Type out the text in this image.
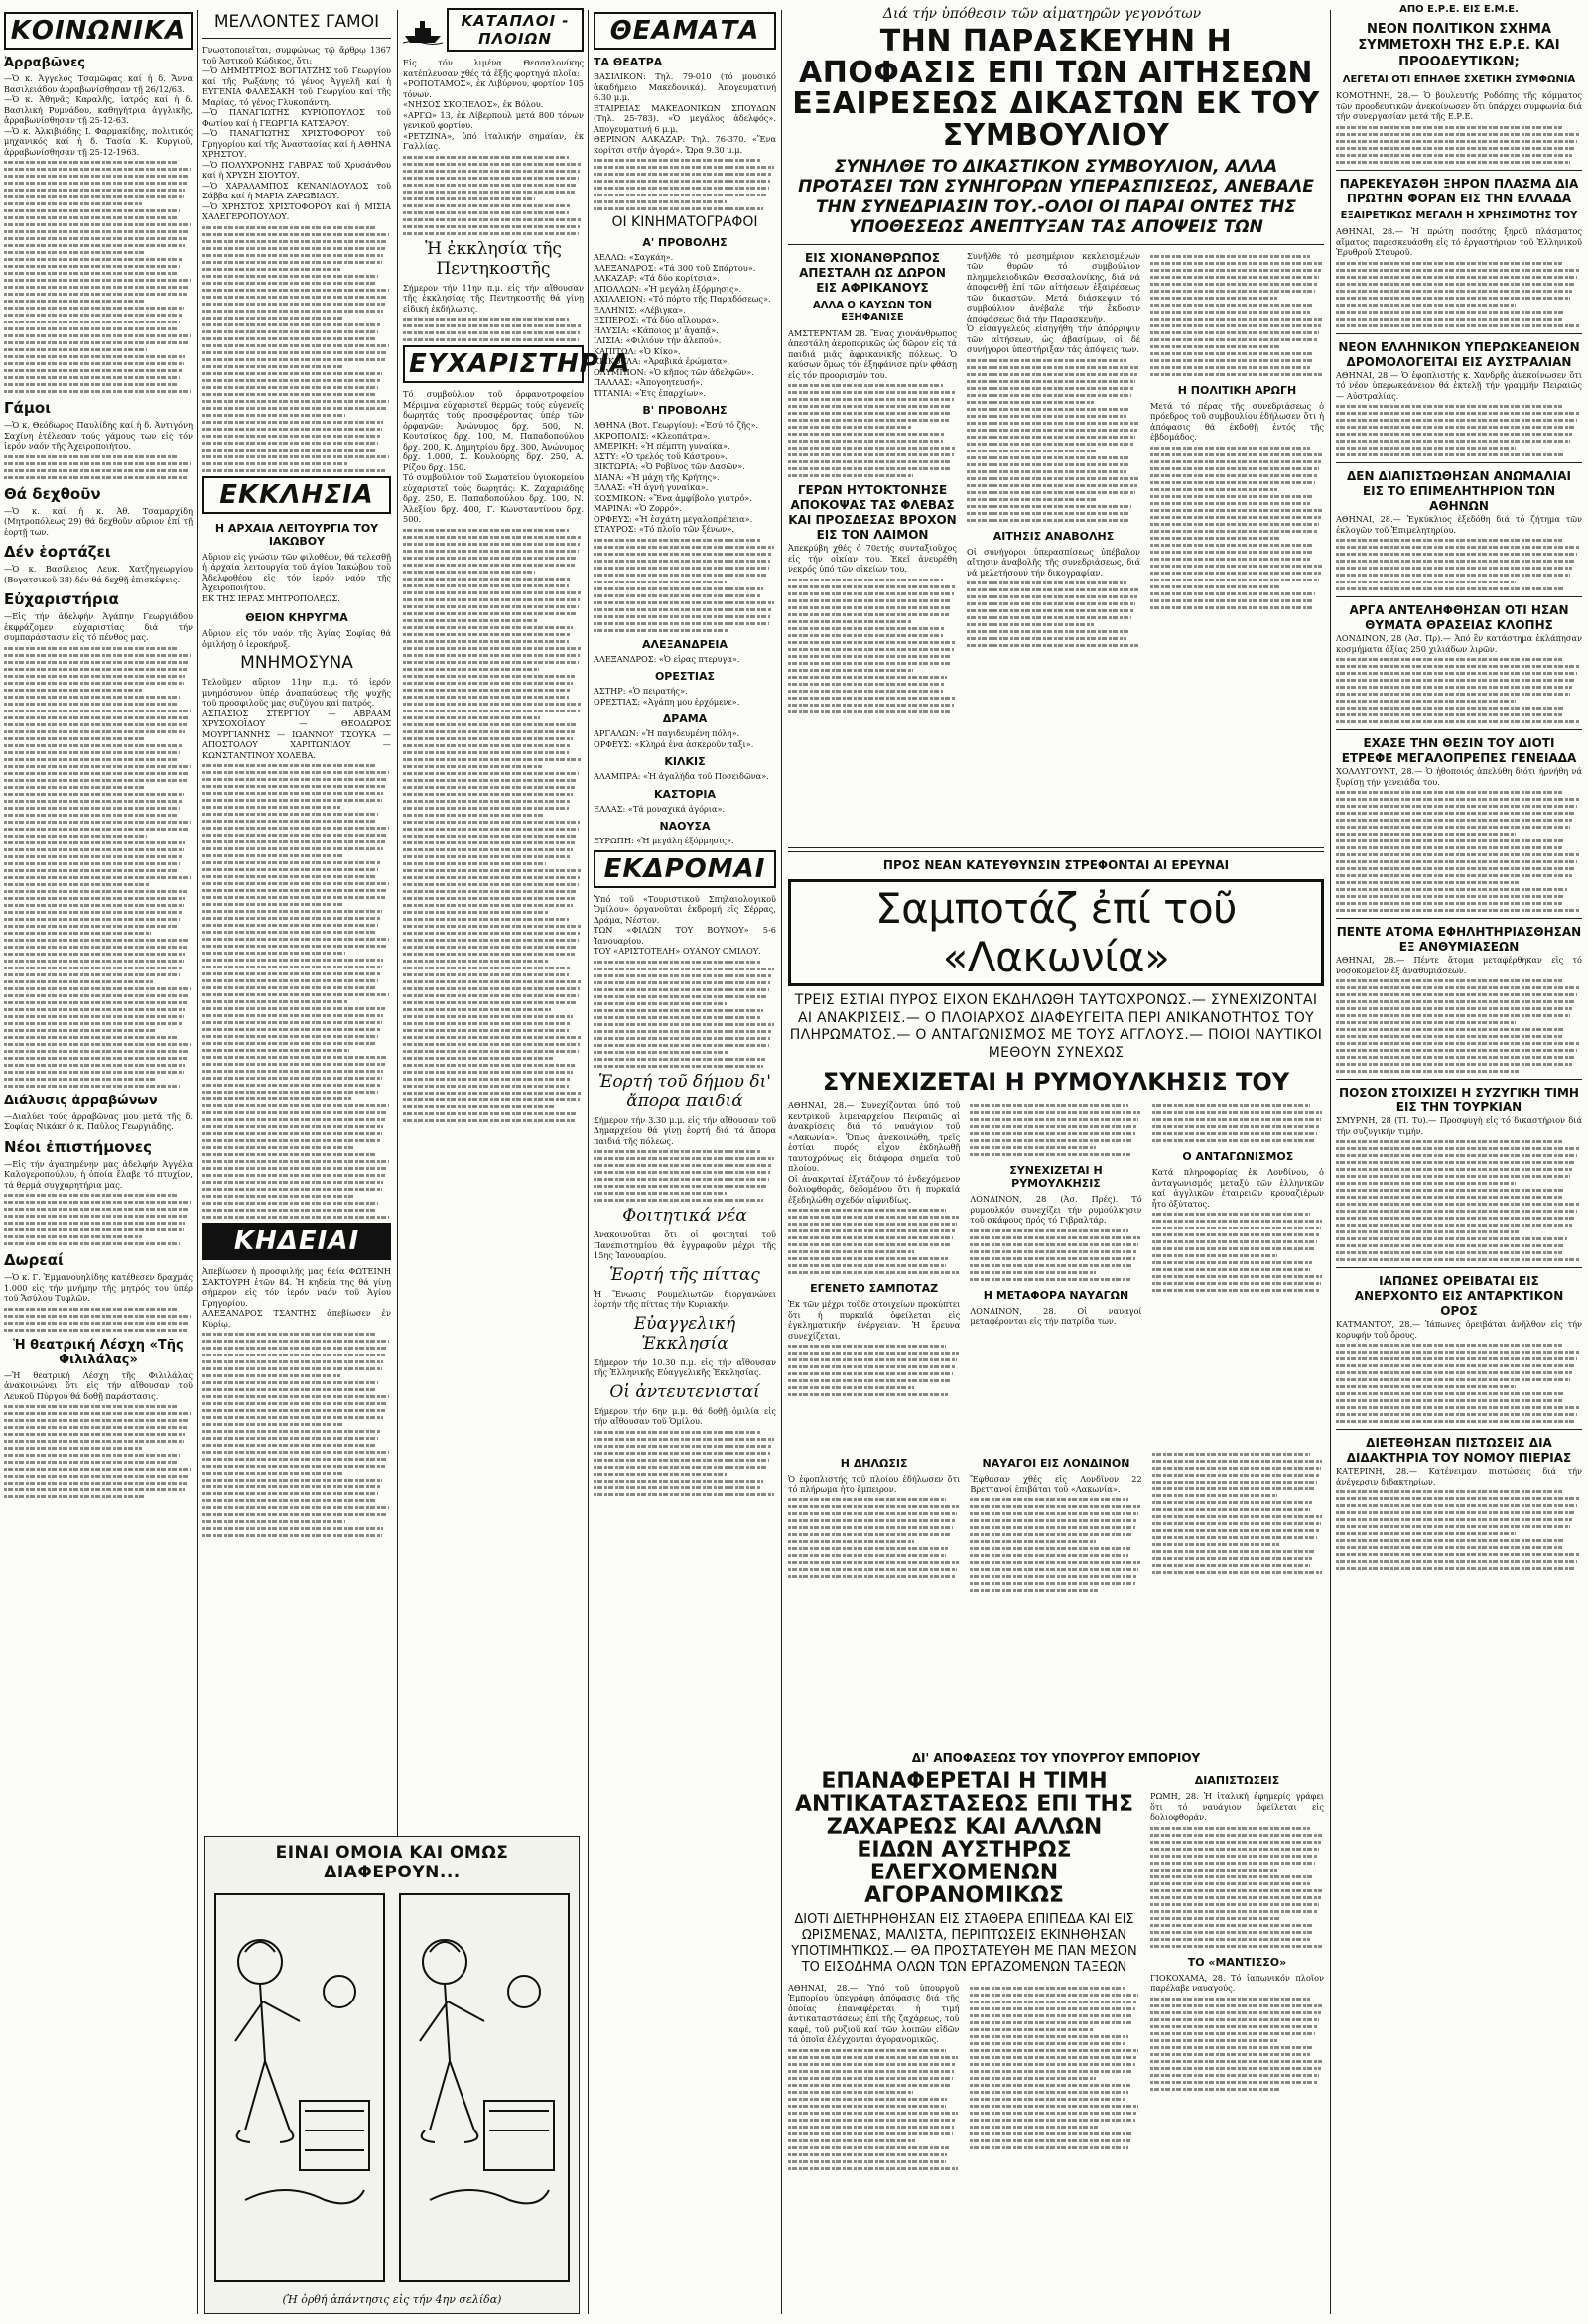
Διά τήν ὑπόθεσιν τῶν αἱματηρῶν γεγονότων	ΑΠΟ Ε.Ρ.Ε. ΕΙΣ Ε.Μ.Ε.
ΚΟΙΝΩΝΙΚΑ
Ἀρραβῶνες

—Ὁ κ. Ἀγγελος Τσαμῶφας καί ἡ δ. Ἄννα Βασιλειάδου ἀρραβωνίσθησαν τῇ 26/12/63.
—Ὁ κ. Ἀθηνᾶς Καραλῆς, ἰατρός καί ἡ δ. Βασιλική Ρυμνάδου, καθηγήτρια ἀγγλικῆς, ἀρραβωνίσθησαν τῇ 25-12-63.
—Ὁ κ. Ἀλκιβιάδης Ι. Φαρμακίδης, πολιτικός μηχανικός καί ἡ δ. Τασία Κ. Κυργιοῦ, ἀρραβωνίσθησαν τῇ 25-12-1963.

Γάμοι

—Ὁ κ. Θεόδωρος Παυλίδης καί ἡ δ. Ἀντιγόνη Σαχίνη ἐτέλεσαν τούς γάμους των εἰς τόν ἱερόν ναόν τῆς Ἀχειροποιήτου.

Θά δεχθοῦν

—Ὁ κ. καί ἡ κ. Ἀθ. Τσαμαρχίδη (Μητροπόλεως 29) θά δεχθοῦν αὔριον ἐπί τῇ ἑορτῇ των.

Δέν ἑορτάζει

—Ὁ κ. Βασίλειος Λευκ. Χατζηγεωργίου (Βογατσικοῦ 38) δέν θά δεχθῇ ἑπισκέψεις.

Εὐχαριστήρια

—Εἰς τήν ἀδελφήν Ἀγάπην Γεωργιάδου ἐκφράζομεν εὐχαριστίας διά τήν συμπαράστασιν εἰς τό πένθος μας.

Διάλυσις ἀρραβώνων

—Διαλύει τούς ἀρραβῶνας μου μετά τῆς δ. Σοφίας Νικάκη ὁ κ. Παῦλος Γεωργιάδης.

Νέοι ἐπιστήμονες

—Εἰς τήν ἀγαπημένην μας ἀδελφήν Ἀγγέλα Καλογεροπούλου, ἡ ὁποία ἔλαβε τό πτυχίον, τά θερμά συγχαρητήρια μας.

Δωρεαί

—Ὁ κ. Γ. Ἐμμανουηλίδης κατέθεσεν δραχμάς 1.000 εἰς τήν μνήμην τῆς μητρός του ὑπέρ τοῦ Ἄσύλου Τυφλῶν.

Ἡ θεατρική Λέσχη «Τῆς Φιλιλάλας»

—Ἡ θεατρική Λέσχη τῆς Φιλιλάλας ἀνακοινώνει ὅτι εἰς τήν αἴθουσαν τοῦ Λευκοῦ Πύργου θά δοθῇ παράστασις.

ΜΕΛΛΟΝΤΕΣ ΓΑΜΟΙ

Γνωστοποιεῖται, συμφώνως τῷ ἄρθρῳ 1367 τοῦ Ἀστικοῦ Κώδικος, ὅτι:
—Ὁ ΔΗΜΗΤΡΙΟΣ ΒΟΓΙΑΤΖΗΣ τοῦ Γεωργίου καί τῆς Ρωξάνης τό γένος Ἀγγελῆ καί ἡ ΕΥΓΕΝΙΑ ΦΑΛΕΣΑΚΗ τοῦ Γεωργίου καί τῆς Μαρίας, τό γένος Γλυκοπάντη.
—Ὁ ΠΑΝΑΓΙΩΤΗΣ ΚΥΡΙΟΠΟΥΛΟΣ τοῦ Φωτίου καί ἡ ΓΕΩΡΓΙΑ ΚΑΤΣΑΡΟΥ.
—Ὁ ΠΑΝΑΓΙΩΤΗΣ ΧΡΙΣΤΟΦΟΡΟΥ τοῦ Γρηγορίου καί τῆς Ἀναστασίας καί ἡ ΑΘΗΝΑ ΧΡΗΣΤΟΥ.
—Ὁ ΠΟΛΥΧΡΟΝΗΣ ΓΑΒΡΑΣ τοῦ Χρυσάνθου καί ἡ ΧΡΥΣΗ ΣΙΟΥΤΟΥ.
—Ὁ ΧΑΡΑΛΑΜΠΟΣ ΚΕΝΑΝΙΔΟΥΛΟΣ τοῦ Σάββα καί ἡ ΜΑΡΙΑ ΖΑΡΩΒΙΔΟΥ.
—Ὁ ΧΡΗΣΤΟΣ ΧΡΙΣΤΟΦΟΡΟΥ καί ἡ ΜΙΣΙΑ ΧΑΛΕΓΕΡΟΠΟΥΛΟΥ.

ΕΚΚΛΗΣΙΑ
Η ΑΡΧΑΙΑ ΛΕΙΤΟΥΡΓΙΑ ΤΟΥ ΙΑΚΩΒΟΥ

Αὔριον εἰς γνώσιν τῶν φιλοθέων, θά τελεσθῇ ἡ ἀρχαία λειτουργία τοῦ ἁγίου Ἰακώβου τοῦ Ἀδελφοθέου εἰς τόν ἱερόν ναόν τῆς Ἀχειροποιήτου.
ΕΚ ΤΗΣ ΙΕΡΑΣ ΜΗΤΡΟΠΟΛΕΩΣ.

ΘΕΙΟΝ ΚΗΡΥΓΜΑ

Αὔριον εἰς τόν ναόν τῆς Ἁγίας Σοφίας θά ὁμιλήσῃ ὁ ἱεροκήρυξ.

ΜΝΗΜΟΣΥΝΑ

Τελοῦμεν αὔριον 11ην π.μ. τό ἰερόν μνημόσυνον ὑπέρ ἀναπαύσεως τῆς ψυχῆς τοῦ προσφιλοῦς μας συζύγου καί πατρός.
ΑΣΠΑΣΙΟΣ ΣΤΕΡΓΙΟΥ — ΑΒΡΑΑΜ ΧΡΥΣΟΧΟΪΔΟΥ — ΘΕΟΔΩΡΟΣ ΜΟΥΡΓΙΑΝΝΗΣ — ΙΩΑΝΝΟΥ ΤΣΟΥΚΑ — ΑΠΟΣΤΟΛΟΥ ΧΑΡΙΤΩΝΙΔΟΥ — ΚΩΝΣΤΑΝΤΙΝΟΥ ΧΟΛΕΒΑ.

ΚΗΔΕΙΑΙ

Ἀπεβίωσεν ἡ προσφιλής μας θεία ΦΩΤΕΙΝΗ ΣΑΚΤΟΥΡΗ ἐτῶν 84. Ἡ κηδεία της θά γίνῃ σήμερον εἰς τόν ἱερόν ναόν τοῦ Ἁγίου Γρηγορίου.
ΑΛΕΞΑΝΔΡΟΣ ΤΣΑΝΤΗΣ ἀπεβίωσεν ἐν Κυρίῳ.

ΚΑΤΑΠΛΟΙ - ΠΛΟΙΩΝ

Εἰς τόν λιμένα Θεσσαλονίκης κατέπλευσαν χθές τά ἑξῆς φορτηγά πλοῖα:
«ΡΟΠΟΤΑΜΟΣ», ἐκ Λιβύρνου, φορτίον 105 τόνων.
«ΝΗΣΟΣ ΣΚΟΠΕΛΟΣ», ἐκ Βόλου.
«ΑΡΓΩ» 13, ἐκ Λίβερπουλ μετά 800 τόνων γενικοῦ φορτίου.
«ΡΕΤΖΙΝΑ», ὑπό ἰταλικήν σημαίαν, ἐκ Γαλλίας.

Ἡ ἐκκλησία τῆς Πεντηκοστῆς

Σήμερον τήν 11ην π.μ. εἰς τήν αἴθουσαν τῆς ἐκκλησίας τῆς Πεντηκοστῆς θά γίνῃ εἰδική ἐκδήλωσις.

ΕΥΧΑΡΙΣΤΗΡΙΑ

Τό συμβούλιον τοῦ ὀρφανοτροφείου Μέριμνα εὐχαριστεῖ θερμῶς τούς εὐγενεῖς δωρητάς τούς προσφέροντας ὑπέρ τῶν ὀρφανῶν: Ἀνώνυμος δρχ. 500, Ν. Κουτσίκος δρχ. 100, Μ. Παπαδοπούλου δρχ. 200, Κ. Δημητρίου δρχ. 300, Ἀνώνυμος δρχ. 1.000, Σ. Κουλούρης δρχ. 250, Α. Ρίζου δρχ. 150.
Τό συμβούλιον τοῦ Σωματείου ὑγιοκομείου εὐχαριστεῖ τούς δωρητάς: Κ. Ζαχαριάδης δρχ. 250, Ε. Παπαδοπούλου δρχ. 100, Ν. Ἀλεξίου δρχ. 400, Γ. Κωνσταντίνου δρχ. 500.

ΘΕΑΜΑΤΑ
ΤΑ ΘΕΑΤΡΑ

ΒΑΣΙΛΙΚΟΝ: Τηλ. 79-010 (τό μουσικό ἀκαδήμειο Μακεδονικά). Ἀπογευματινή 6.30 μ.μ.
ΕΤΑΙΡΕΙΑΣ ΜΑΚΕΔΟΝΙΚΩΝ ΣΠΟΥΔΩΝ (Τηλ. 25-783). «Ὁ μεγάλος ἀδελφός». Ἀπογευματινή 6 μ.μ.
ΘΕΡΙΝΟΝ ΑΛΚΑΖΑΡ: Τηλ. 76-370. «Ἕνα κορίτσι στήν ἀγορά». Ὥρα 9.30 μ.μ.

ΟΙ ΚΙΝΗΜΑΤΟΓΡΑΦΟΙ
Α' ΠΡΟΒΟΛΗΣ

ΑΕΛΛΩ: «Σαγκάη».
ΑΛΕΞΑΝΔΡΟΣ: «Τά 300 τοῦ Σπάρτου».
ΑΛΚΑΖΑΡ: «Τά δύο κορίτσια».
ΑΠΟΛΛΩΝ: «Ἡ μεγάλη ἐξόρμησις».
ΑΧΙΛΛΕΙΟΝ: «Τό πόρτο τῆς Παραδόσεως».
ΕΛΛΗΝΙΣ: «Λέβιγκα».
ΕΣΠΕΡΟΣ: «Τά δύο αἴλουρα».
ΗΛΥΣΙΑ: «Κάποιος μ' ἀγαπᾷ».
ΙΛΙΣΙΑ: «Φιλιόυν τήν ἀλεπού».
ΚΑΠΙΤΩΛ: «Ὁ Κίκο».
ΚΡΙΚΟΥΛΑ: «Ἀραβικά ἐρώματα».
ΟΛΥΜΠΙΟΝ: «Ὁ κῆπος τῶν ἀδελφῶν».
ΠΑΛΛΑΣ: «Ἀπογοητευσή».
ΤΙΤΑΝΙΑ: «Ἐτς ἐπαρχίων».

Β' ΠΡΟΒΟΛΗΣ

ΑΘΗΝΑ (Βοτ. Γεωργίου): «Ἐσύ τό ζῆς».
ΑΚΡΟΠΟΛΙΣ: «Κλεοπάτρα».
ΑΜΕΡΙΚΗ: «Ἡ πέμπτη γυναίκα».
ΑΣΤΥ: «Ὁ τρελός τοῦ Κάστρου».
ΒΙΚΤΩΡΙΑ: «Ὁ Ροβῖνος τῶν Δασῶν».
ΔΙΑΝΑ: «Ἡ μάχη τῆς Κρήτης».
ΕΛΛΑΣ: «Ἡ ἀγνή γυναίκα».
ΚΟΣΜΙΚΟΝ: «Ἕνα ἀμφίβολο γιατρό».
ΜΑΡΙΝΑ: «Ὁ Ζορρό».
ΟΡΦΕΥΣ: «Ἡ ἐσχάτη μεγαλοπρέπεια».
ΣΤΑΥΡΟΣ: «Τό πλοῖο τῶν ξένων».

ΑΛΕΞΑΝΔΡΕΙΑ

ΑΛΕΞΑΝΔΡΟΣ: «Ὁ εἰρας πτερυγα».

ΟΡΕΣΤΙΑΣ

ΑΣΤΗΡ: «Ὁ πειρατής».
ΟΡΕΣΤΙΑΣ: «Ἀγάπη μου ἐρχόμενε».

ΔΡΑΜΑ

ΑΡΓΑΛΩΝ: «Ἡ παγιδευμένη πόλη».
ΟΡΦΕΥΣ: «Κληρά ἐνα ἀσκεροῦν ταξι».

ΚΙΛΚΙΣ

ΑΛΑΜΠΡΑ: «Ἡ ἀγαλήδα τοῦ Ποσειδῶνα».

ΚΑΣΤΟΡΙΑ

ΕΛΛΑΣ: «Τά μοναχικά ἀγόρια».

ΝΑΟΥΣΑ

ΕΥΡΩΠΗ: «Ἡ μεγάλη ἐξόρμησις».

ΕΚΔΡΟΜΑΙ

Ὑπό τοῦ «Τουριστικοῦ Σπηλαιολογικοῦ Ὁμίλου» ὀργανοῦται ἐκδρομή εἰς Σέρρας, Δράμα, Νέστον.
ΤΩΝ «ΦΙΛΩΝ ΤΟΥ ΒΟΥΝΟΥ» 5-6 Ἰανουαρίου.
ΤΟΥ «ΑΡΙΣΤΟΤΕΛΗ» ΟΥΑΝΟΥ ΟΜΙΛΟΥ.

Ἑορτή τοῦ δήμου δι' ἄπορα παιδιά

Σήμερον τήν 3.30 μ.μ. εἰς τήν αἴθουσαν τοῦ Δημαρχείου θά γίνῃ ἑορτή διά τά ἄπορα παιδιά τῆς πόλεως.

Φοιτητικά νέα

Ἀνακοινοῦται ὅτι οἱ φοιτηταί τοῦ Πανεπιστημίου θά ἐγγραφοῦν μέχρι τῆς 15ης Ἰανουαρίου.

Ἑορτή τῆς πίττας

Ἡ Ἕνωσις Ρουμελιωτῶν διοργανώνει ἑορτήν τῆς πίττας τήν Κυριακήν.

Εὐαγγελική Ἐκκλησία

Σήμερον τήν 10.30 π.μ. εἰς τήν αἴθουσαν τῆς Ἑλληνικῆς Εὐαγγελικῆς Ἐκκλησίας.

Οἱ ἀντευτενισταί

Σήμερον τήν 6ην μ.μ. θά δοθῇ ὁμιλία εἰς τήν αἴθουσαν τοῦ Ὁμίλου.

ΕΙΝΑΙ ΟΜΟΙΑ ΚΑΙ ΟΜΩΣ ΔΙΑΦΕΡΟΥΝ...
(Ἡ ὀρθή ἀπάντησις εἰς τήν 4ην σελίδα)
ΤΗΝ ΠΑΡΑΣΚΕΥΗΝ Η ΑΠΟΦΑΣΙΣ ΕΠΙ ΤΩΝ ΑΙΤΗΣΕΩΝ ΕΞΑΙΡΕΣΕΩΣ ΔΙΚΑΣΤΩΝ ΕΚ ΤΟΥ ΣΥΜΒΟΥΛΙΟΥ
ΣΥΝΗΛΘΕ ΤΟ ΔΙΚΑΣΤΙΚΟΝ ΣΥΜΒΟΥΛΙΟΝ, ΑΛΛΑ ΠΡΟΤΑΣΕΙ ΤΩΝ ΣΥΝΗΓΟΡΩΝ ΥΠΕΡΑΣΠΙΣΕΩΣ, ΑΝΕΒΑΛΕ ΤΗΝ ΣΥΝΕΔΡΙΑΣΙΝ ΤΟΥ.-ΟΛΟΙ ΟΙ ΠΑΡΑΙ ΟΝΤΕΣ ΤΗΣ ΥΠΟΘΕΣΕΩΣ ΑΝΕΠΤΥΞΑΝ ΤΑΣ ΑΠΟΨΕΙΣ ΤΩΝ
ΕΙΣ ΧΙΟΝΑΝΘΡΩΠΟΣ ΑΠΕΣΤΑΛΗ ΩΣ ΔΩΡΟΝ ΕΙΣ ΑΦΡΙΚΑΝΟΥΣ
ΑΛΛΑ Ο ΚΑΥΣΩΝ ΤΟΝ ΕΞΗΦΑΝΙΣΕ

ΑΜΣΤΕΡΝΤΑΜ 28. Ἕνας χιονάνθρωπος ἀπεστάλη ἀεροπορικῶς ὡς δῶρον εἰς τά παιδιά μιᾶς ἀφρικανικῆς πόλεως. Ὁ καύσων ὅμως τόν ἐξηφάνισε πρίν φθάσῃ εἰς τόν προορισμόν του.

ΓΕΡΩΝ ΗΥΤΟΚΤΟΝΗΣΕ ΑΠΟΚΟΨΑΣ ΤΑΣ ΦΛΕΒΑΣ ΚΑΙ ΠΡΟΣΔΕΣΑΣ ΒΡΟΧΟΝ ΕΙΣ ΤΟΝ ΛΑΙΜΟΝ

Ἀπεκρύβη χθές ὁ 70ετής συνταξιοῦχος εἰς τήν οἰκίαν του. Ἐκεῖ ἀνευρέθη νεκρός ὑπό τῶν οἰκείων του.

Συνῆλθε τό μεσημέριον κεκλεισμένων τῶν θυρῶν τό συμβούλιον πλημμελειοδικῶν Θεσσαλονίκης, διά νά ἀποφανθῇ ἐπί τῶν αἰτήσεων ἐξαιρέσεως τῶν δικαστῶν. Μετά διάσκεψιν τό συμβούλιον ἀνέβαλε τήν ἔκδοσιν ἀποφάσεως διά τήν Παρασκευήν.
Ὁ εἰσαγγελεύς εἰσηγήθη τήν ἀπόρριψιν τῶν αἰτήσεων, ὡς ἀβασίμων, οἱ δέ συνήγοροι ὑπεστήριξαν τάς ἀπόψεις των.

ΑΙΤΗΣΙΣ ΑΝΑΒΟΛΗΣ

Οἱ συνήγοροι ὑπερασπίσεως ὑπέβαλον αἴτησιν ἀναβολῆς τῆς συνεδριάσεως, διά νά μελετήσουν τήν δικογραφίαν.

Η ΠΟΛΙΤΙΚΗ ΑΡΩΓΗ

Μετά τό πέρας τῆς συνεδριάσεως ὁ πρόεδρος τοῦ συμβουλίου ἐδήλωσεν ὅτι ἡ ἀπόφασις θά ἐκδοθῇ ἐντός τῆς ἑβδομάδος.

ΠΡΟΣ ΝΕΑΝ ΚΑΤΕΥΘΥΝΣΙΝ ΣΤΡΕΦΟΝΤΑΙ ΑΙ ΕΡΕΥΝΑΙ
Σαμποτάζ ἐπί τοῦ «Λακωνία»
ΤΡΕΙΣ ΕΣΤΙΑΙ ΠΥΡΟΣ ΕΙΧΟΝ ΕΚΔΗΛΩΘΗ ΤΑΥΤΟΧΡΟΝΩΣ.— ΣΥΝΕΧΙΖΟΝΤΑΙ ΑΙ ΑΝΑΚΡΙΣΕΙΣ.— Ο ΠΛΟΙΑΡΧΟΣ ΔΙΑΦΕΥΓΕΙΤΑ ΠΕΡΙ ΑΝΙΚΑΝΟΤΗΤΟΣ ΤΟΥ ΠΛΗΡΩΜΑΤΟΣ.— Ο ΑΝΤΑΓΩΝΙΣΜΟΣ ΜΕ ΤΟΥΣ ΑΓΓΛΟΥΣ.— ΠΟΙΟΙ ΝΑΥΤΙΚΟΙ ΜΕΘΟΥΝ ΣΥΝΕΧΩΣ
ΣΥΝΕΧΙΖΕΤΑΙ Η ΡΥΜΟΥΛΚΗΣΙΣ ΤΟΥ

ΑΘΗΝΑΙ, 28.— Συνεχίζονται ὑπό τοῦ κεντρικοῦ λιμεναρχείου Πειραιῶς αἱ ἀνακρίσεις διά τό ναυάγιον τοῦ «Λακωνία». Ὅπως ἀνεκοινώθη, τρεῖς ἑστίαι πυρός εἶχον ἐκδηλωθῇ ταυτοχρόνως εἰς διάφορα σημεῖα τοῦ πλοίου.
Οἱ ἀνακριταί ἐξετάζουν τό ἐνδεχόμενον δολιοφθορᾶς, δεδομένου ὅτι ἡ πυρκαϊά ἐξεδηλώθη σχεδόν αἰφνιδίως.

ΕΓΕΝΕΤΟ ΣΑΜΠΟΤΑΖ

Ἐκ τῶν μέχρι τοῦδε στοιχείων προκύπτει ὅτι ἡ πυρκαϊά ὀφείλεται εἰς ἐγκληματικήν ἐνέργειαν. Ἡ ἔρευνα συνεχίζεται.

ΣΥΝΕΧΙΖΕΤΑΙ Η ΡΥΜΟΥΛΚΗΣΙΣ

ΛΟΝΔΙΝΟΝ, 28 (Ἀσ. Πρές). Τό ρυμουλκόν συνεχίζει τήν ρυμούλκησιν τοῦ σκάφους πρός τό Γιβραλτάρ.

Η ΜΕΤΑΦΟΡΑ ΝΑΥΑΓΩΝ

ΛΟΝΔΙΝΟΝ, 28. Οἱ ναυαγοί μεταφέρονται εἰς τήν πατρίδα των.

Ο ΑΝΤΑΓΩΝΙΣΜΟΣ

Κατά πληροφορίας ἐκ Λονδίνου, ὁ ἀνταγωνισμός μεταξύ τῶν ἑλληνικῶν καί ἀγγλικῶν ἐταιρειῶν κρουαζιέρων ἦτο ὀξύτατος.

Η ΔΗΛΩΣΙΣ

Ὁ ἐφοπλιστής τοῦ πλοίου ἐδήλωσεν ὅτι τό πλήρωμα ἦτο ἔμπειρον.

ΝΑΥΑΓΟΙ ΕΙΣ ΛΟΝΔΙΝΟΝ

Ἔφθασαν χθές εἰς Λονδῖνον 22 Βρεττανοί ἐπιβάται τοῦ «Λακωνία».

ΔΙ' ΑΠΟΦΑΣΕΩΣ ΤΟΥ ΥΠΟΥΡΓΟΥ ΕΜΠΟΡΙΟΥ
ΕΠΑΝΑΦΕΡΕΤΑΙ Η ΤΙΜΗ ΑΝΤΙΚΑΤΑΣΤΑΣΕΩΣ ΕΠΙ ΤΗΣ ΖΑΧΑΡΕΩΣ ΚΑΙ ΑΛΛΩΝ ΕΙΔΩΝ ΑΥΣΤΗΡΩΣ ΕΛΕΓΧΟΜΕΝΩΝ ΑΓΟΡΑΝΟΜΙΚΩΣ
ΔΙΟΤΙ ΔΙΕΤΗΡΗΘΗΣΑΝ ΕΙΣ ΣΤΑΘΕΡΑ ΕΠΙΠΕΔΑ ΚΑΙ ΕΙΣ ΩΡΙΣΜΕΝΑΣ, ΜΑΛΙΣΤΑ, ΠΕΡΙΠΤΩΣΕΙΣ ΕΚΙΝΗΘΗΣΑΝ ΥΠΟΤΙΜΗΤΙΚΩΣ.— ΘΑ ΠΡΟΣΤΑΤΕΥΘΗ ΜΕ ΠΑΝ ΜΕΣΟΝ ΤΟ ΕΙΣΟΔΗΜΑ ΟΛΩΝ ΤΩΝ ΕΡΓΑΖΟΜΕΝΩΝ ΤΑΞΕΩΝ

ΑΘΗΝΑΙ, 28.— Ὑπό τοῦ ὑπουργοῦ Ἐμπορίου ὑπεγράφη ἀπόφασις διά τῆς ὁποίας ἐπαναφέρεται ἡ τιμή ἀντικαταστάσεως ἐπί τῆς ζαχάρεως, τοῦ καφέ, τοῦ ρυζιοῦ καί τῶν λοιπῶν εἰδῶν τά ὁποῖα ἐλέγχονται ἀγορανομικῶς.

ΔΙΑΠΙΣΤΩΣΕΙΣ

ΡΩΜΗ, 28. Ἡ ἰταλική ἐφημερίς γράφει ὅτι τό ναυάγιον ὀφείλεται εἰς δολιοφθοράν.

ΤΟ «ΜΑΝΤΙΣΣΟ»

ΓΙΟΚΟΧΑΜΑ, 28. Τό ἰαπωνικόν πλοῖον παρέλαβε ναυαγούς.

ΝΕΟΝ ΠΟΛΙΤΙΚΟΝ ΣΧΗΜΑ ΣΥΜΜΕΤΟΧΗ ΤΗΣ Ε.Ρ.Ε. ΚΑΙ ΠΡΟΟΔΕΥΤΙΚΩΝ;
ΛΕΓΕΤΑΙ ΟΤΙ ΕΠΗΛΘΕ ΣΧΕΤΙΚΗ ΣΥΜΦΩΝΙΑ

ΚΟΜΟΤΗΝΗ, 28.— Ὁ βουλευτής Ροδόπης τῆς κόμματος τῶν προοδευτικῶν ἀνεκοίνωσεν ὅτι ὑπάρχει συμφωνία διά τήν συνεργασίαν μετά τῆς Ε.Ρ.Ε.

ΠΑΡΕΚΕΥΑΣΘΗ ΞΗΡΟΝ ΠΛΑΣΜΑ ΔΙΑ ΠΡΩΤΗΝ ΦΟΡΑΝ ΕΙΣ ΤΗΝ ΕΛΛΑΔΑ
ΕΞΑΙΡΕΤΙΚΩΣ ΜΕΓΑΛΗ Η ΧΡΗΣΙΜΟΤΗΣ ΤΟΥ

ΑΘΗΝΑΙ, 28.— Ἡ πρώτη ποσότης ξηροῦ πλάσματος αἵματος παρεσκευάσθη εἰς τό ἐργαστήριον τοῦ Ἑλληνικοῦ Ἐρυθροῦ Σταυροῦ.

ΝΕΟΝ ΕΛΛΗΝΙΚΟΝ ΥΠΕΡΩΚΕΑΝΕΙΟΝ ΔΡΟΜΟΛΟΓΕΙΤΑΙ ΕΙΣ ΑΥΣΤΡΑΛΙΑΝ

ΑΘΗΝΑΙ, 28.— Ὁ ἐφοπλιστής κ. Χανδρῆς ἀνεκοίνωσεν ὅτι τό νέον ὑπερωκεάνειον θά ἐκτελῇ τήν γραμμήν Πειραιῶς — Αὐστραλίας.

ΔΕΝ ΔΙΑΠΙΣΤΩΘΗΣΑΝ ΑΝΩΜΑΛΙΑΙ ΕΙΣ ΤΟ ΕΠΙΜΕΛΗΤΗΡΙΟΝ ΤΩΝ ΑΘΗΝΩΝ

ΑΘΗΝΑΙ, 28.— Ἐγκύκλιος ἐξεδόθη διά τό ζήτημα τῶν ἐκλογῶν τοῦ Ἐπιμελητηρίου.

ΑΡΓΑ ΑΝΤΕΛΗΦΘΗΣΑΝ ΟΤΙ ΗΣΑΝ ΘΥΜΑΤΑ ΘΡΑΣΕΙΑΣ ΚΛΟΠΗΣ

ΛΟΝΔΙΝΟΝ, 28 (Ἀσ. Πρ).— Ἀπό ἓν κατάστημα ἐκλάπησαν κοσμήματα ἀξίας 250 χιλιάδων λιρῶν.

ΕΧΑΣΕ ΤΗΝ ΘΕΣΙΝ ΤΟΥ ΔΙΟΤΙ ΕΤΡΕΦΕ ΜΕΓΑΛΟΠΡΕΠΕΣ ΓΕΝΕΙΑΔΑ

ΧΟΛΛΥΓΟΥΝΤ, 28.— Ὁ ἠθοποιός ἀπελύθη διότι ἠρνήθη νά ξυρίσῃ τήν γενειάδα του.

ΠΕΝΤΕ ΑΤΟΜΑ ΕΦΗΛΗΤΗΡΙΑΣΘΗΣΑΝ ΕΞ ΑΝΘΥΜΙΑΣΕΩΝ

ΑΘΗΝΑΙ, 28.— Πέντε ἄτομα μεταφέρθηκαν εἰς τό νοσοκομεῖον ἐξ ἀναθυμιάσεων.

ΠΟΣΟΝ ΣΤΟΙΧΙΖΕΙ Η ΣΥΖΥΓΙΚΗ ΤΙΜΗ ΕΙΣ ΤΗΝ ΤΟΥΡΚΙΑΝ

ΣΜΥΡΝΗ, 28 (ΤΙ. Τυ).— Προσφυγὴ εἰς τό δικαστήριον διά τήν συζυγικήν τιμήν.

ΙΑΠΩΝΕΣ ΟΡΕΙΒΑΤΑΙ ΕΙΣ ΑΝΕΡΧΟΝΤΟ ΕΙΣ ΑΝΤΑΡΚΤΙΚΟΝ ΟΡΟΣ

ΚΑΤΜΑΝΤΟΥ, 28.— Ἰάπωνες ὀρειβάται ἀνῆλθον εἰς τήν κορυφήν τοῦ ὄρους.

ΔΙΕΤΕΘΗΣΑΝ ΠΙΣΤΩΣΕΙΣ ΔΙΑ ΔΙΔΑΚΤΗΡΙΑ ΤΟΥ ΝΟΜΟΥ ΠΙΕΡΙΑΣ

ΚΑΤΕΡΙΝΗ, 28.— Κατένειμαν πιστώσεις διά τήν ἀνέγερσιν διδακτηρίων.
